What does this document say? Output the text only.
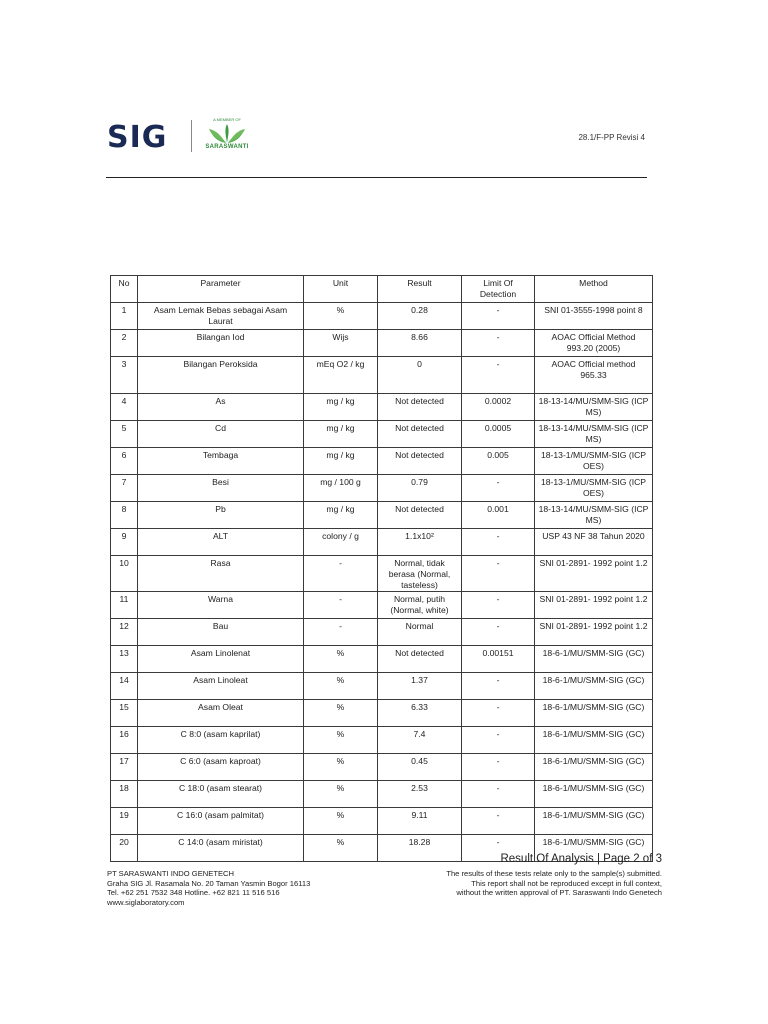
SIG
A MEMBER OF
SARASWANTI
28.1/F-PP Revisi 4
No	Parameter	Unit	Result	Limit Of Detection	Method
1	Asam Lemak Bebas sebagai Asam Laurat	%	0.28	-	SNI 01-3555-1998 point 8
2	Bilangan Iod	Wijs	8.66	-	AOAC Official Method 993.20 (2005)
3	Bilangan Peroksida	mEq O2 / kg	0	-	AOAC Official method 965.33
4	As	mg / kg	Not detected	0.0002	18-13-14/MU/SMM-SIG (ICP MS)
5	Cd	mg / kg	Not detected	0.0005	18-13-14/MU/SMM-SIG (ICP MS)
6	Tembaga	mg / kg	Not detected	0.005	18-13-1/MU/SMM-SIG (ICP OES)
7	Besi	mg / 100 g	0.79	-	18-13-1/MU/SMM-SIG (ICP OES)
8	Pb	mg / kg	Not detected	0.001	18-13-14/MU/SMM-SIG (ICP MS)
9	ALT	colony / g	1.1x10²	-	USP 43 NF 38 Tahun 2020
10	Rasa	-	Normal, tidak berasa (Normal, tasteless)	-	SNI 01-2891- 1992 point 1.2
11	Warna	-	Normal, putih (Normal, white)	-	SNI 01-2891- 1992 point 1.2
12	Bau	-	Normal	-	SNI 01-2891- 1992 point 1.2
13	Asam Linolenat	%	Not detected	0.00151	18-6-1/MU/SMM-SIG (GC)
14	Asam Linoleat	%	1.37	-	18-6-1/MU/SMM-SIG (GC)
15	Asam Oleat	%	6.33	-	18-6-1/MU/SMM-SIG (GC)
16	C 8:0 (asam kaprilat)	%	7.4	-	18-6-1/MU/SMM-SIG (GC)
17	C 6:0 (asam kaproat)	%	0.45	-	18-6-1/MU/SMM-SIG (GC)
18	C 18:0 (asam stearat)	%	2.53	-	18-6-1/MU/SMM-SIG (GC)
19	C 16:0 (asam palmitat)	%	9.11	-	18-6-1/MU/SMM-SIG (GC)
20	C 14:0 (asam miristat)	%	18.28	-	18-6-1/MU/SMM-SIG (GC)
PT SARASWANTI INDO GENETECH
Graha SIG Jl. Rasamala No. 20 Taman Yasmin Bogor 16113
Tel. +62 251 7532 348 Hotline. +62 821 11 516 516
www.siglaboratory.com
Result Of Analysis | Page 2 of 3
The results of these tests relate only to the sample(s) submitted.
This report shall not be reproduced except in full context,
without the written approval of PT. Saraswanti Indo Genetech
